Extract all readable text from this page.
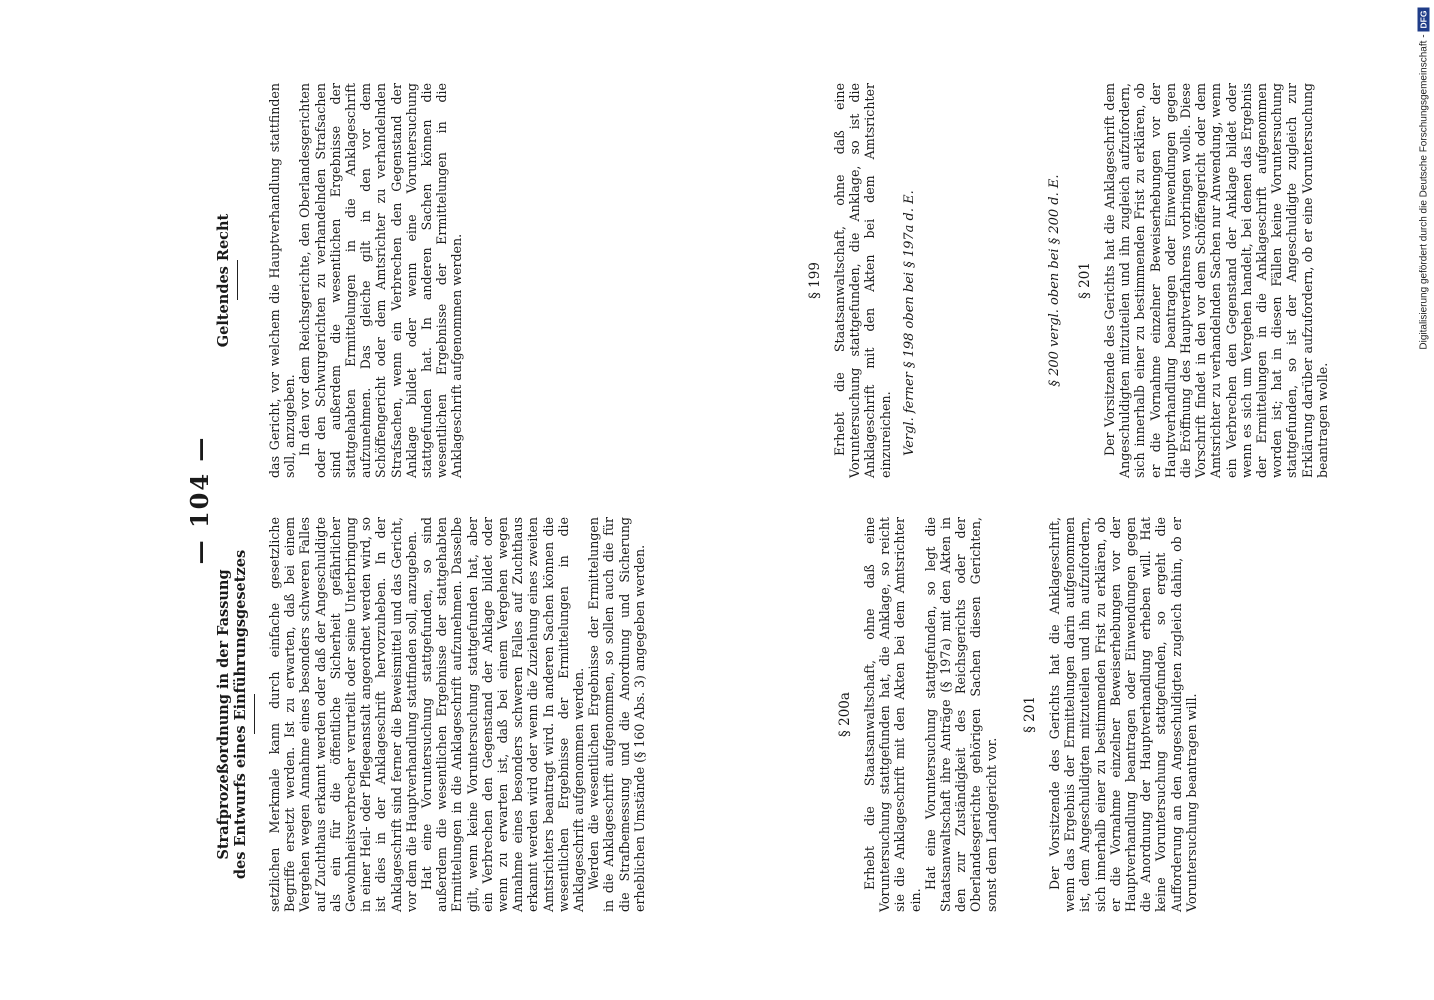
— 104 —
Strafprozeßordnung in der Fassung
des Entwurfs eines Einführungsgesetzes	setzlichen Merkmale kann durch einfache gesetzliche Begriffe ersetzt werden. Ist zu erwarten, daß bei einem Vergehen wegen Annahme eines besonders schweren Falles auf Zuchthaus erkannt werden oder daß der Angeschuldigte als ein für die öffentliche Sicherheit gefährlicher Gewohnheitsverbrecher verurteilt oder seine Unterbringung in einer Heil- oder Pflegeanstalt angeordnet werden wird, so ist dies in der Anklageschrift hervorzuheben. In der Anklageschrift sind ferner die Beweismittel und das Gericht, vor dem die Hauptverhandlung stattfinden soll, anzugeben. Hat eine Voruntersuchung stattgefunden, so sind außerdem die wesentlichen Ergebnisse der stattgehabten Ermittelungen in die Anklageschrift aufzunehmen. Dasselbe gilt, wenn keine Voruntersuchung stattgefunden hat, aber ein Verbrechen den Gegenstand der Anklage bildet oder wenn zu erwarten ist, daß bei einem Vergehen wegen Annahme eines besonders schweren Falles auf Zuchthaus erkannt werden wird oder wenn die Zuziehung eines zweiten Amtsrichters beantragt wird. In anderen Sachen können die wesentlichen Ergebnisse der Ermittelungen in die Anklageschrift aufgenommen werden. Werden die wesentlichen Ergebnisse der Ermittelungen in die Anklageschrift aufgenommen, so sollen auch die für die Strafbemessung und die Anordnung und Sicherung erheblichen Umstände (§ 160 Abs. 3) angegeben werden.	§ 200a Erhebt die Staatsanwaltschaft, ohne daß eine Voruntersuchung stattgefunden hat, die Anklage, so reicht sie die Anklageschrift mit den Akten bei dem Amtsrichter ein.

Hat eine Voruntersuchung stattgefunden, so legt die Staatsanwaltschaft ihre Anträge (§ 197a) mit den Akten in den zur Zuständigkeit des Reichsgerichts oder der Oberlandesgerichte gehörigen Sachen diesen Gerichten, sonst dem Landgericht vor.

§ 201 Der Vorsitzende des Gerichts hat die Anklageschrift, wenn das Ergebnis der Ermittelungen darin aufgenommen ist, dem Angeschuldigten mitzuteilen und ihn aufzufordern, sich innerhalb einer zu bestimmenden Frist zu erklären, ob er die Vornahme einzelner Beweiserhebungen vor der Hauptverhandlung beantragen oder Einwendungen gegen die Anordnung der Hauptverhandlung erheben will. Hat keine Voruntersuchung stattgefunden, so ergeht die Aufforderung an den Angeschuldigten zugleich dahin, ob er Voruntersuchung beantragen will.

Geltendes Recht	das Gericht, vor welchem die Hauptverhandlung stattfinden soll, anzugeben. In den vor dem Reichsgerichte, den Oberlandesgerichten oder den Schwurgerichten zu verhandelnden Strafsachen sind außerdem die wesentlichen Ergebnisse der stattgehabten Ermittelungen in die Anklageschrift aufzunehmen. Das gleiche gilt in den vor dem Schöffengericht oder dem Amtsrichter zu verhandelnden Strafsachen, wenn ein Verbrechen den Gegenstand der Anklage bildet oder wenn eine Voruntersuchung stattgefunden hat. In anderen Sachen können die wesentlichen Ergebnisse der Ermittelungen in die Anklageschrift aufgenommen werden.	§ 199 Erhebt die Staatsanwaltschaft, ohne daß eine Voruntersuchung stattgefunden, die Anklage, so ist die Anklageschrift mit den Akten bei dem Amtsrichter einzureichen. Vergl. ferner § 198 oben bei § 197a d. E.	§ 200 vergl. oben bei § 200 d. E. § 201 Der Vorsitzende des Gerichts hat die Anklageschrift dem Angeschuldigten mitzuteilen und ihn zugleich aufzufordern, sich innerhalb einer zu bestimmenden Frist zu erklären, ob er die Vornahme einzelner Beweiserhebungen vor der Hauptverhandlung beantragen oder Einwendungen gegen die Eröffnung des Hauptverfahrens vorbringen wolle. Diese Vorschrift findet in den vor dem Schöffengericht oder dem Amtsrichter zu verhandelnden Sachen nur Anwendung, wenn ein Verbrechen den Gegenstand der Anklage bildet oder wenn es sich um Vergehen handelt, bei denen das Ergebnis der Ermittelungen in die Anklageschrift aufgenommen worden ist; hat in diesen Fällen keine Voruntersuchung stattgefunden, so ist der Angeschuldigte zugleich zur Erklärung darüber aufzufordern, ob er eine Voruntersuchung beantragen wolle.

Digitalisierung gefördert durch die Deutsche Forschungsgemeinschaft -DFG
